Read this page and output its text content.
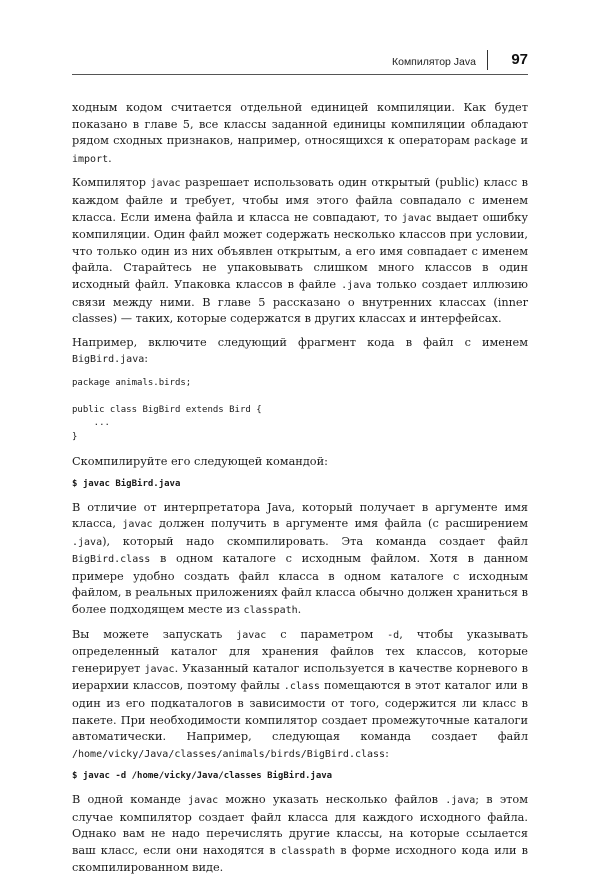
Компилятор Java 97

ходным кодом считается отдельной единицей компиляции. Как будет показано в главе 5, все классы заданной единицы компиляции обладают рядом сходных признаков, например, относящихся к операторам package и import.

Компилятор javac разрешает использовать один открытый (public) класс в каждом файле и требует, чтобы имя этого файла совпадало с именем класса. Если имена файла и класса не совпадают, то javac выдает ошибку компиляции. Один файл может содержать несколько классов при условии, что только один из них объявлен открытым, а его имя совпадает с именем файла. Старайтесь не упаковывать слишком много классов в один исходный файл. Упаковка классов в файле .java только создает иллюзию связи между ними. В главе 5 рассказано о внутренних классах (inner classes) — таких, которые содержатся в других классах и интерфейсах.

Например, включите следующий фрагмент кода в файл с именем BigBird.java:

package animals.birds;

public class BigBird extends Bird {
...
}

Скомпилируйте его следующей командой:

$ javac BigBird.java

В отличие от интерпретатора Java, который получает в аргументе имя класса, javac должен получить в аргументе имя файла (с расширением .java), который надо скомпилировать. Эта команда создает файл BigBird.class в одном каталоге с исходным файлом. Хотя в данном примере удобно создать файл класса в одном каталоге с исходным файлом, в реальных приложениях файл класса обычно должен храниться в более подходящем месте из classpath.

Вы можете запускать javac с параметром -d, чтобы указывать определенный каталог для хранения файлов тех классов, которые генерирует javac. Указанный каталог используется в качестве корневого в иерархии классов, поэтому файлы .class помещаются в этот каталог или в один из его подкаталогов в зависимости от того, содержится ли класс в пакете. При необходимости компилятор создает промежуточные каталоги автоматически. Например, следующая команда создает файл /home/vicky/Java/classes/animals/birds/BigBird.class:

$ javac -d /home/vicky/Java/classes BigBird.java

В одной команде javac можно указать несколько файлов .java; в этом случае компилятор создает файл класса для каждого исходного файла. Однако вам не надо перечислять другие классы, на которые ссылается ваш класс, если они находятся в classpath в форме исходного кода или в скомпилированном виде.
